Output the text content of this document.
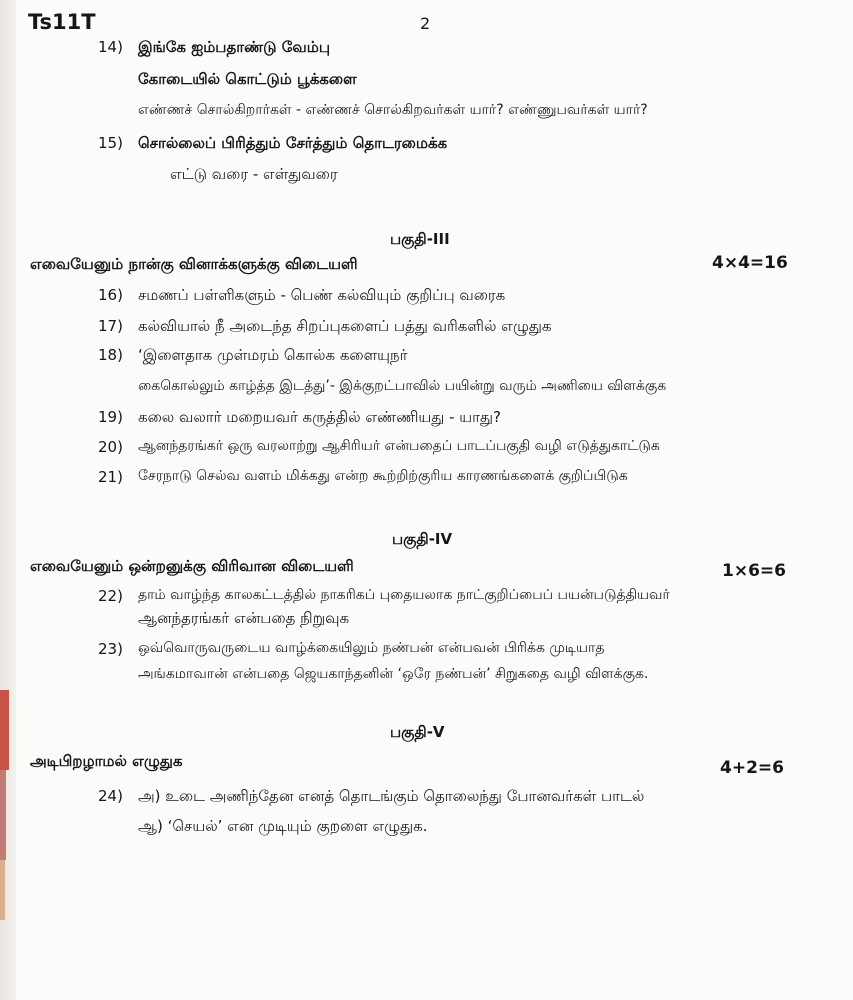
Ts11T	2
14) இங்கே ஐம்பதாண்டு வேம்பு
கோடையில் கொட்டும் பூக்களை
எண்ணச் சொல்கிறார்கள் - எண்ணச் சொல்கிறவர்கள் யார்? எண்ணுபவர்கள் யார்?
15) சொல்லைப் பிரித்தும் சேர்த்தும் தொடரமைக்க
எட்டு வரை - எள்துவரை
பகுதி-III
எவையேனும் நான்கு வினாக்களுக்கு விடையளி	4×4=16
16) சமணப் பள்ளிகளும் - பெண் கல்வியும் குறிப்பு வரைக
17) கல்வியால் நீ அடைந்த சிறப்புகளைப் பத்து வரிகளில் எழுதுக
18) ‘இளைதாக முள்மரம் கொல்க களையுநர்
கைகொல்லும் காழ்த்த இடத்து’- இக்குறட்பாவில் பயின்று வரும் அணியை விளக்குக
19) கலை வலார் மறையவர் கருத்தில் எண்ணியது - யாது?
20) ஆனந்தரங்கர் ஒரு வரலாற்று ஆசிரியர் என்பதைப் பாடப்பகுதி வழி எடுத்துகாட்டுக
21) சேரநாடு செல்வ வளம் மிக்கது என்ற கூற்றிற்குரிய காரணங்களைக் குறிப்பிடுக
பகுதி-IV
எவையேனும் ஒன்றனுக்கு விரிவான விடையளி	1×6=6
22) தாம் வாழ்ந்த காலகட்டத்தில் நாகரிகப் புதையலாக நாட்குறிப்பைப் பயன்படுத்தியவர்
ஆனந்தரங்கர் என்பதை நிறுவுக
23) ஒவ்வொருவருடைய வாழ்க்கையிலும் நண்பன் என்பவன் பிரிக்க முடியாத
அங்கமாவான் என்பதை ஜெயகாந்தனின் ‘ஒரே நண்பன்’ சிறுகதை வழி விளக்குக.
பகுதி-V
அடிபிறழாமல் எழுதுக	4+2=6
24) அ) உடை அணிந்தேன எனத் தொடங்கும் தொலைந்து போனவர்கள் பாடல்
ஆ) ‘செயல்’ என முடியும் குறளை எழுதுக.
